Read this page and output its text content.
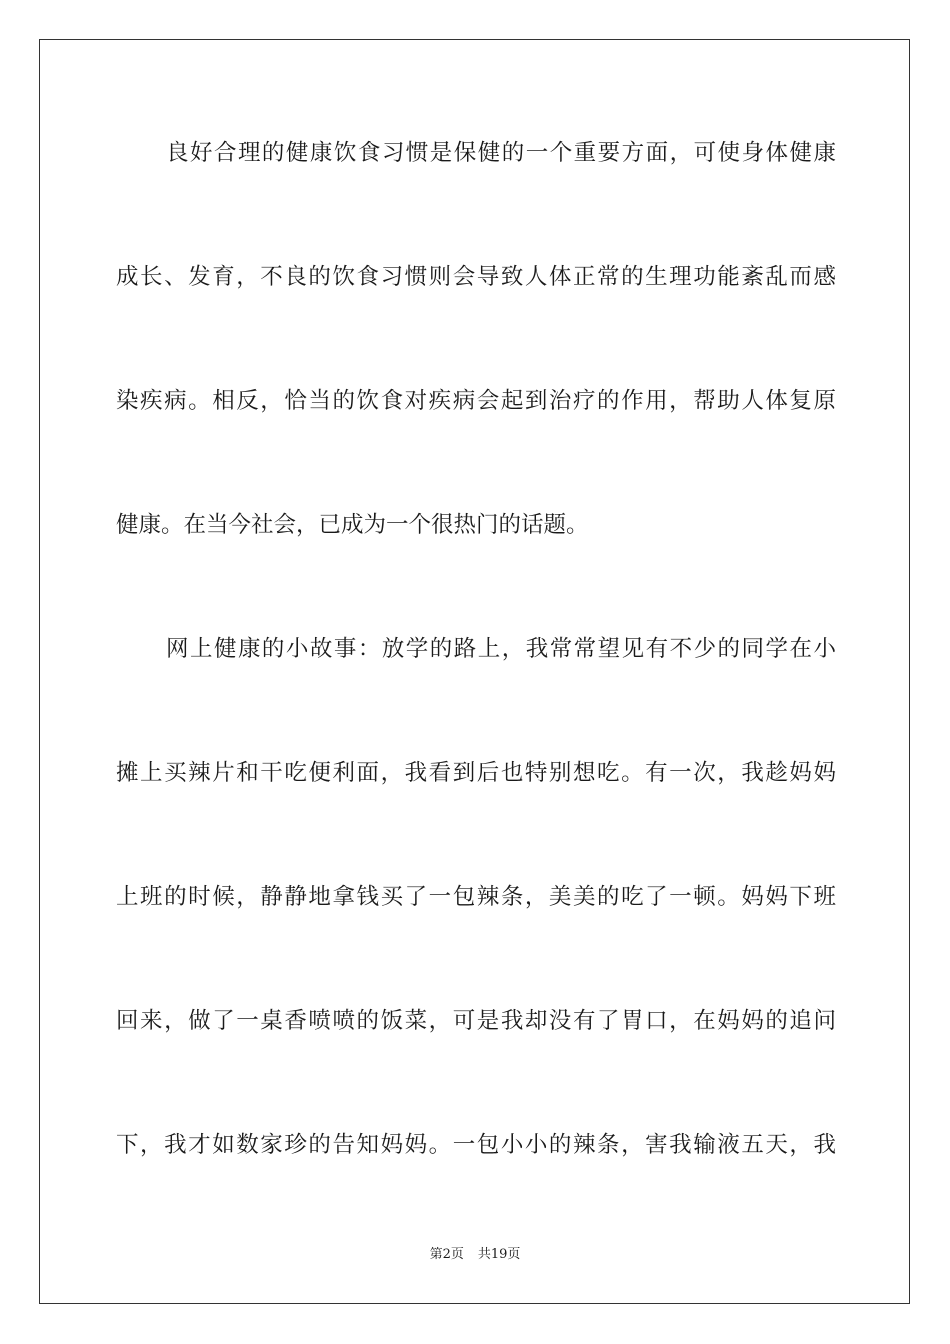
良好合理的健康饮食习惯是保健的一个重要方面，可使身体健康
成长、发育，不良的饮食习惯则会导致人体正常的生理功能紊乱而感
染疾病。相反，恰当的饮食对疾病会起到治疗的作用，帮助人体复原
健康。在当今社会，已成为一个很热门的话题。
网上健康的小故事：放学的路上，我常常望见有不少的同学在小
摊上买辣片和干吃便利面，我看到后也特别想吃。有一次，我趁妈妈
上班的时候，静静地拿钱买了一包辣条，美美的吃了一顿。妈妈下班
回来，做了一桌香喷喷的饭菜，可是我却没有了胃口，在妈妈的追问
下，我才如数家珍的告知妈妈。一包小小的辣条，害我输液五天，我
第2页 共19页
